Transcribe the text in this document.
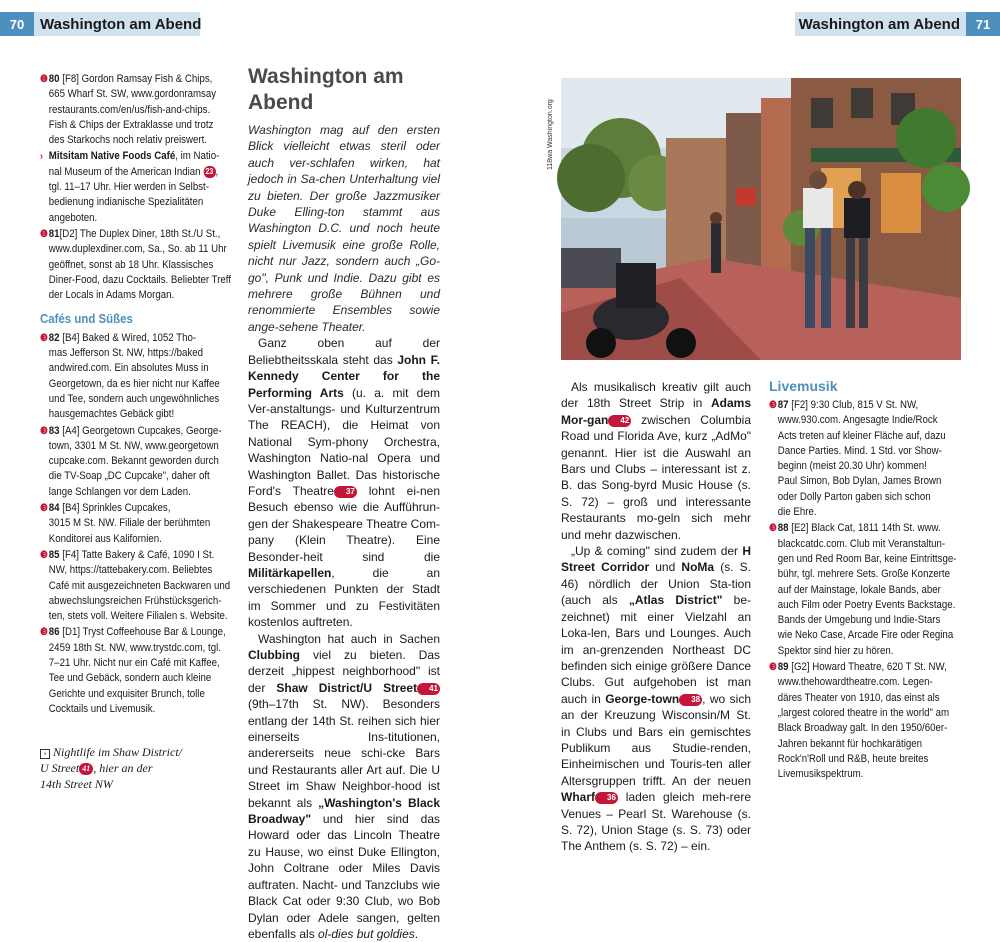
70	Washington am Abend	Washington am Abend	71
❶ 80 [F8] Gordon Ramsay Fish & Chips,
665 Wharf St. SW, www.gordonramsay
restaurants.com/en/us/fish-and-chips.
Fish & Chips der Extraklasse und trotz
des Starkochs noch relativ preiswert.
› Mitsitam Native Foods Café, im Natio-
nal Museum of the American Indian 23 ,
tgl. 11–17 Uhr. Hier werden in Selbst-
bedienung indianische Spezialitäten
angeboten.
❶ 81[D2] The Duplex Diner, 18th St./U St.,
www.duplexdiner.com, Sa., So. ab 11 Uhr
geöffnet, sonst ab 18 Uhr. Klassisches
Diner-Food, dazu Cocktails. Beliebter Treff
der Locals in Adams Morgan.
Cafés und Süßes
❸ 82 [B4] Baked & Wired, 1052 Tho-
mas Jefferson St. NW, https://baked
andwired.com. Ein absolutes Muss in
Georgetown, da es hier nicht nur Kaffee
und Tee, sondern auch ungewöhnliches
hausgemachtes Gebäck gibt!
❸ 83 [A4] Georgetown Cupcakes, George-
town, 3301 M St. NW, www.georgetown
cupcake.com. Bekannt geworden durch
die TV-Soap „DC Cupcake", daher oft
lange Schlangen vor dem Laden.
❸ 84 [B4] Sprinkles Cupcakes,
3015 M St. NW. Filiale der berühmten
Konditorei aus Kalifornien.
❸ 85 [F4] Tatte Bakery & Café, 1090 I St.
NW, https://tattebakery.com. Beliebtes
Café mit ausgezeichneten Backwaren und
abwechslungsreichen Frühstücksgerich-
ten, stets voll. Weitere Filialen s. Website.
❸ 86 [D1] Tryst Coffeehouse Bar & Lounge,
2459 18th St. NW, www.trystdc.com, tgl.
7–21 Uhr. Nicht nur ein Café mit Kaffee,
Tee und Gebäck, sondern auch kleine
Gerichte und exquisiter Brunch, tolle
Cocktails und Livemusik.
› Nightlife im Shaw District/
U Street 41 , hier an der
14th Street NW
Washington am Abend

Washington mag auf den ersten Blick vielleicht etwas steril oder auch ver-schlafen wirken, hat jedoch in Sa-chen Unterhaltung viel zu bieten. Der große Jazzmusiker Duke Elling-ton stammt aus Washington D.C. und noch heute spielt Livemusik eine große Rolle, nicht nur Jazz, sondern auch „Go-go", Punk und Indie. Dazu gibt es mehrere große Bühnen und renommierte Ensembles sowie ange-sehene Theater.

Ganz oben auf der Beliebtheitsskala steht das John F. Kennedy Center for the Performing Arts (u. a. mit dem Ver-anstaltungs- und Kulturzentrum The REACH), die Heimat von National Sym-phony Orchestra, Washington Natio-nal Opera und Washington Ballet. Das historische Ford's Theatre 37 lohnt ei-nen Besuch ebenso wie die Aufführun-gen der Shakespeare Theatre Com-pany (Klein Theatre). Eine Besonder-heit sind die Militärkapellen, die an verschiedenen Punkten der Stadt im Sommer und zu Festivitäten kostenlos auftreten.

Washington hat auch in Sachen Clubbing viel zu bieten. Das derzeit „hippest neighborhood" ist der Shaw District/U Street 41 (9th–17th St. NW). Besonders entlang der 14th St. reihen sich hier einerseits Ins-titutionen, andererseits neue schi-cke Bars und Restaurants aller Art auf. Die U Street im Shaw Neighbor-hood ist bekannt als „Washington's Black Broadway" und hier sind das Howard oder das Lincoln Theatre zu Hause, wo einst Duke Ellington, John Coltrane oder Miles Davis auftraten. Nacht- und Tanzclubs wie Black Cat oder 9:30 Club, wo Bob Dylan oder Adele sangen, gelten ebenfalls als ol-dies but goldies.

118wa Washington.org

Als musikalisch kreativ gilt auch der 18th Street Strip in Adams Mor-gan 42 zwischen Columbia Road und Florida Ave, kurz „AdMo" genannt. Hier ist die Auswahl an Bars und Clubs – interessant ist z. B. das Song-byrd Music House (s. S. 72) – groß und interessante Restaurants mo-geln sich mehr und mehr dazwischen.

„Up & coming" sind zudem der H Street Corridor und NoMa (s. S. 46) nördlich der Union Sta-tion (auch als „Atlas District" be-zeichnet) mit einer Vielzahl an Loka-len, Bars und Lounges. Auch im an-grenzenden Northeast DC befinden sich einige größere Dance Clubs. Gut aufgehoben ist man auch in George-town 38 , wo sich an der Kreuzung Wisconsin/M St. in Clubs und Bars ein gemischtes Publikum aus Studie-renden, Einheimischen und Touris-ten aller Altersgruppen trifft. An der neuen Wharf 36 laden gleich meh-rere Venues – Pearl St. Warehouse (s. S. 72), Union Stage (s. S. 73) oder The Anthem (s. S. 72) – ein.

Livemusik
❸ 87 [F2] 9:30 Club, 815 V St. NW,
www.930.com. Angesagte Indie/Rock
Acts treten auf kleiner Fläche auf, dazu
Dance Parties. Mind. 1 Std. vor Show-
beginn (meist 20.30 Uhr) kommen!
Paul Simon, Bob Dylan, James Brown
oder Dolly Parton gaben sich schon
die Ehre.
❸ 88 [E2] Black Cat, 1811 14th St. www.
blackcatdc.com. Club mit Veranstaltun-
gen und Red Room Bar, keine Eintrittsge-
bühr, tgl. mehrere Sets. Große Konzerte
auf der Mainstage, lokale Bands, aber
auch Film oder Poetry Events Backstage.
Bands der Umgebung und Indie-Stars
wie Neko Case, Arcade Fire oder Regina
Spektor sind hier zu hören.
❸ 89 [G2] Howard Theatre, 620 T St. NW,
www.thehowardtheatre.com. Legen-
däres Theater von 1910, das einst als
„largest colored theatre in the world" am
Black Broadway galt. In den 1950/60er-
Jahren bekannt für hochkarätigen
Rock'n'Roll und R&B, heute breites
Livemusikspektrum.
